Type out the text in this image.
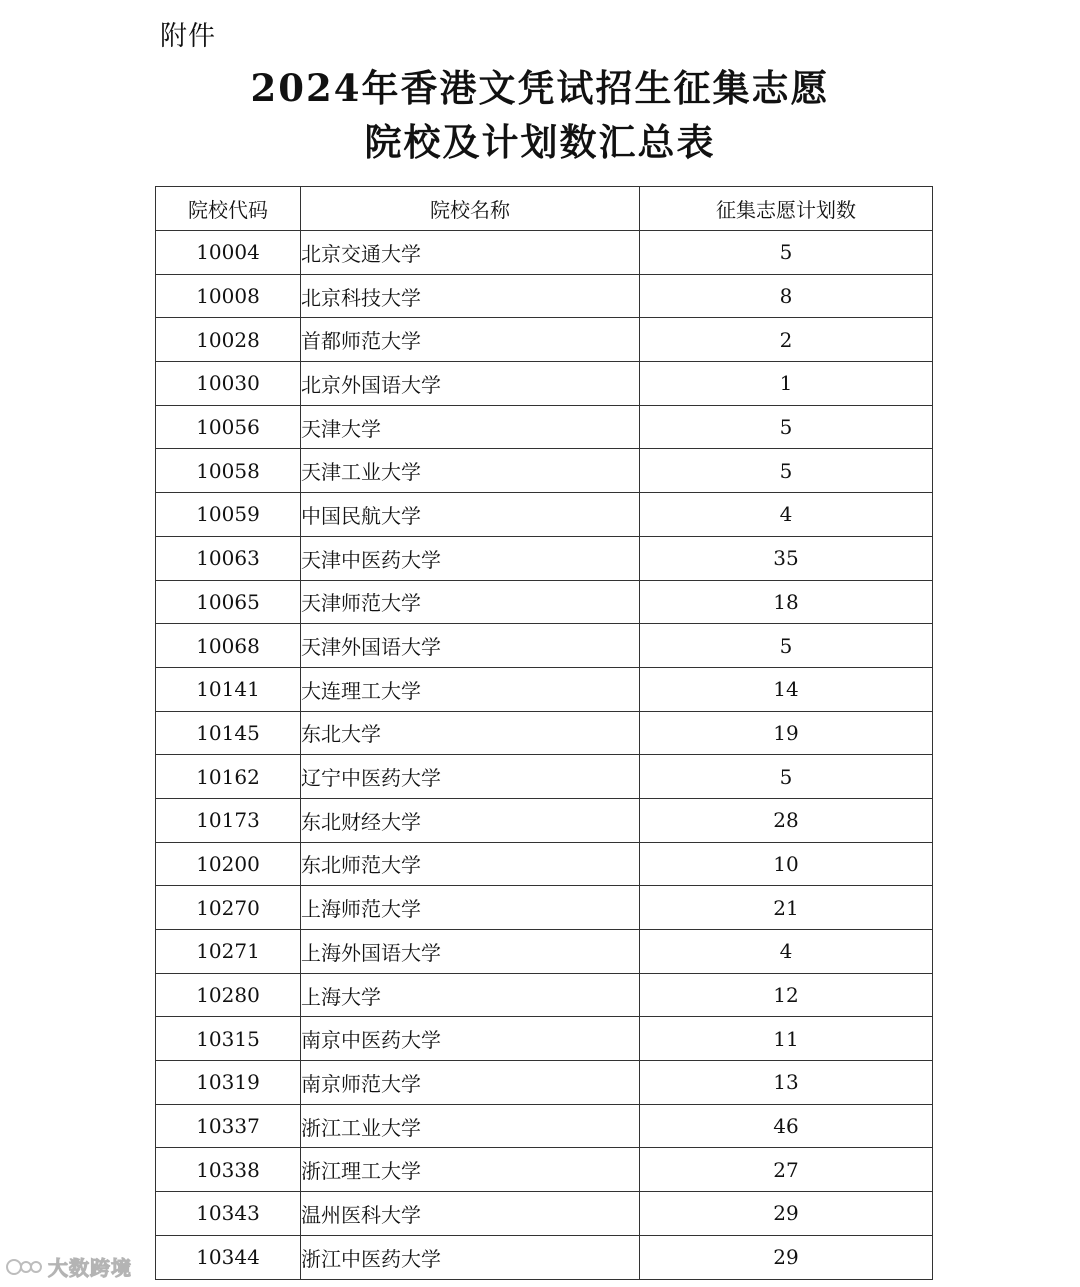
附件
2024年香港文凭试招生征集志愿
院校及计划数汇总表
院校代码	院校名称	征集志愿计划数
10004	北京交通大学	5
10008	北京科技大学	8
10028	首都师范大学	2
10030	北京外国语大学	1
10056	天津大学	5
10058	天津工业大学	5
10059	中国民航大学	4
10063	天津中医药大学	35
10065	天津师范大学	18
10068	天津外国语大学	5
10141	大连理工大学	14
10145	东北大学	19
10162	辽宁中医药大学	5
10173	东北财经大学	28
10200	东北师范大学	10
10270	上海师范大学	21
10271	上海外国语大学	4
10280	上海大学	12
10315	南京中医药大学	11
10319	南京师范大学	13
10337	浙江工业大学	46
10338	浙江理工大学	27
10343	温州医科大学	29
10344	浙江中医药大学	29
大数跨境
